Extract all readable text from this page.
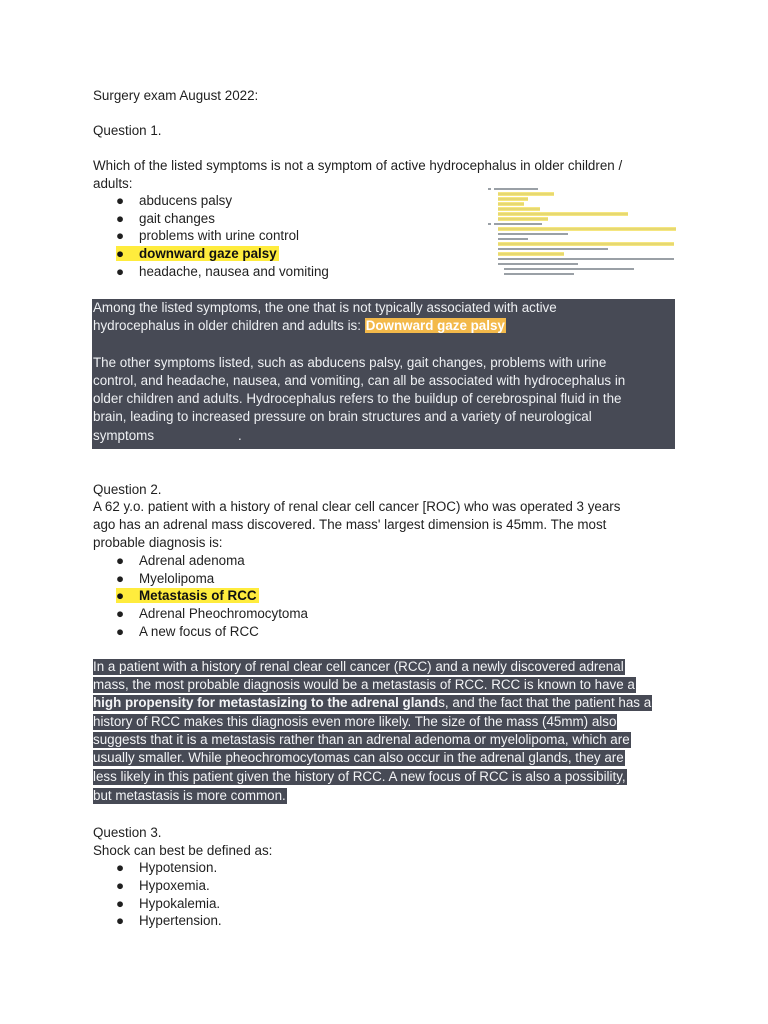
Surgery exam August 2022:
Question 1.
Which of the listed symptoms is not a symptom of active hydrocephalus in older children /
adults:
● abducens palsy
● gait changes
● problems with urine control
● downward gaze palsy
● headache, nausea and vomiting
Among the listed symptoms, the one that is not typically associated with active
hydrocephalus in older children and adults is: Downward gaze palsy
The other symptoms listed, such as abducens palsy, gait changes, problems with urine
control, and headache, nausea, and vomiting, can all be associated with hydrocephalus in
older children and adults. Hydrocephalus refers to the buildup of cerebrospinal fluid in the
brain, leading to increased pressure on brain structures and a variety of neurological
symptoms	.
Question 2.
A 62 y.o. patient with a history of renal clear cell cancer [ROC) who was operated 3 years
ago has an adrenal mass discovered. The mass' largest dimension is 45mm. The most
probable diagnosis is:
● Adrenal adenoma
● Myelolipoma
● Metastasis of RCC
● Adrenal Pheochromocytoma
● A new focus of RCC
In a patient with a history of renal clear cell cancer (RCC) and a newly discovered adrenal
mass, the most probable diagnosis would be a metastasis of RCC. RCC is known to have a
high propensity for metastasizing to the adrenal glands, and the fact that the patient has a
history of RCC makes this diagnosis even more likely. The size of the mass (45mm) also
suggests that it is a metastasis rather than an adrenal adenoma or myelolipoma, which are
usually smaller. While pheochromocytomas can also occur in the adrenal glands, they are
less likely in this patient given the history of RCC. A new focus of RCC is also a possibility,
but metastasis is more common.
Question 3.
Shock can best be defined as:
● Hypotension.
● Hypoxemia.
● Hypokalemia.
● Hypertension.
